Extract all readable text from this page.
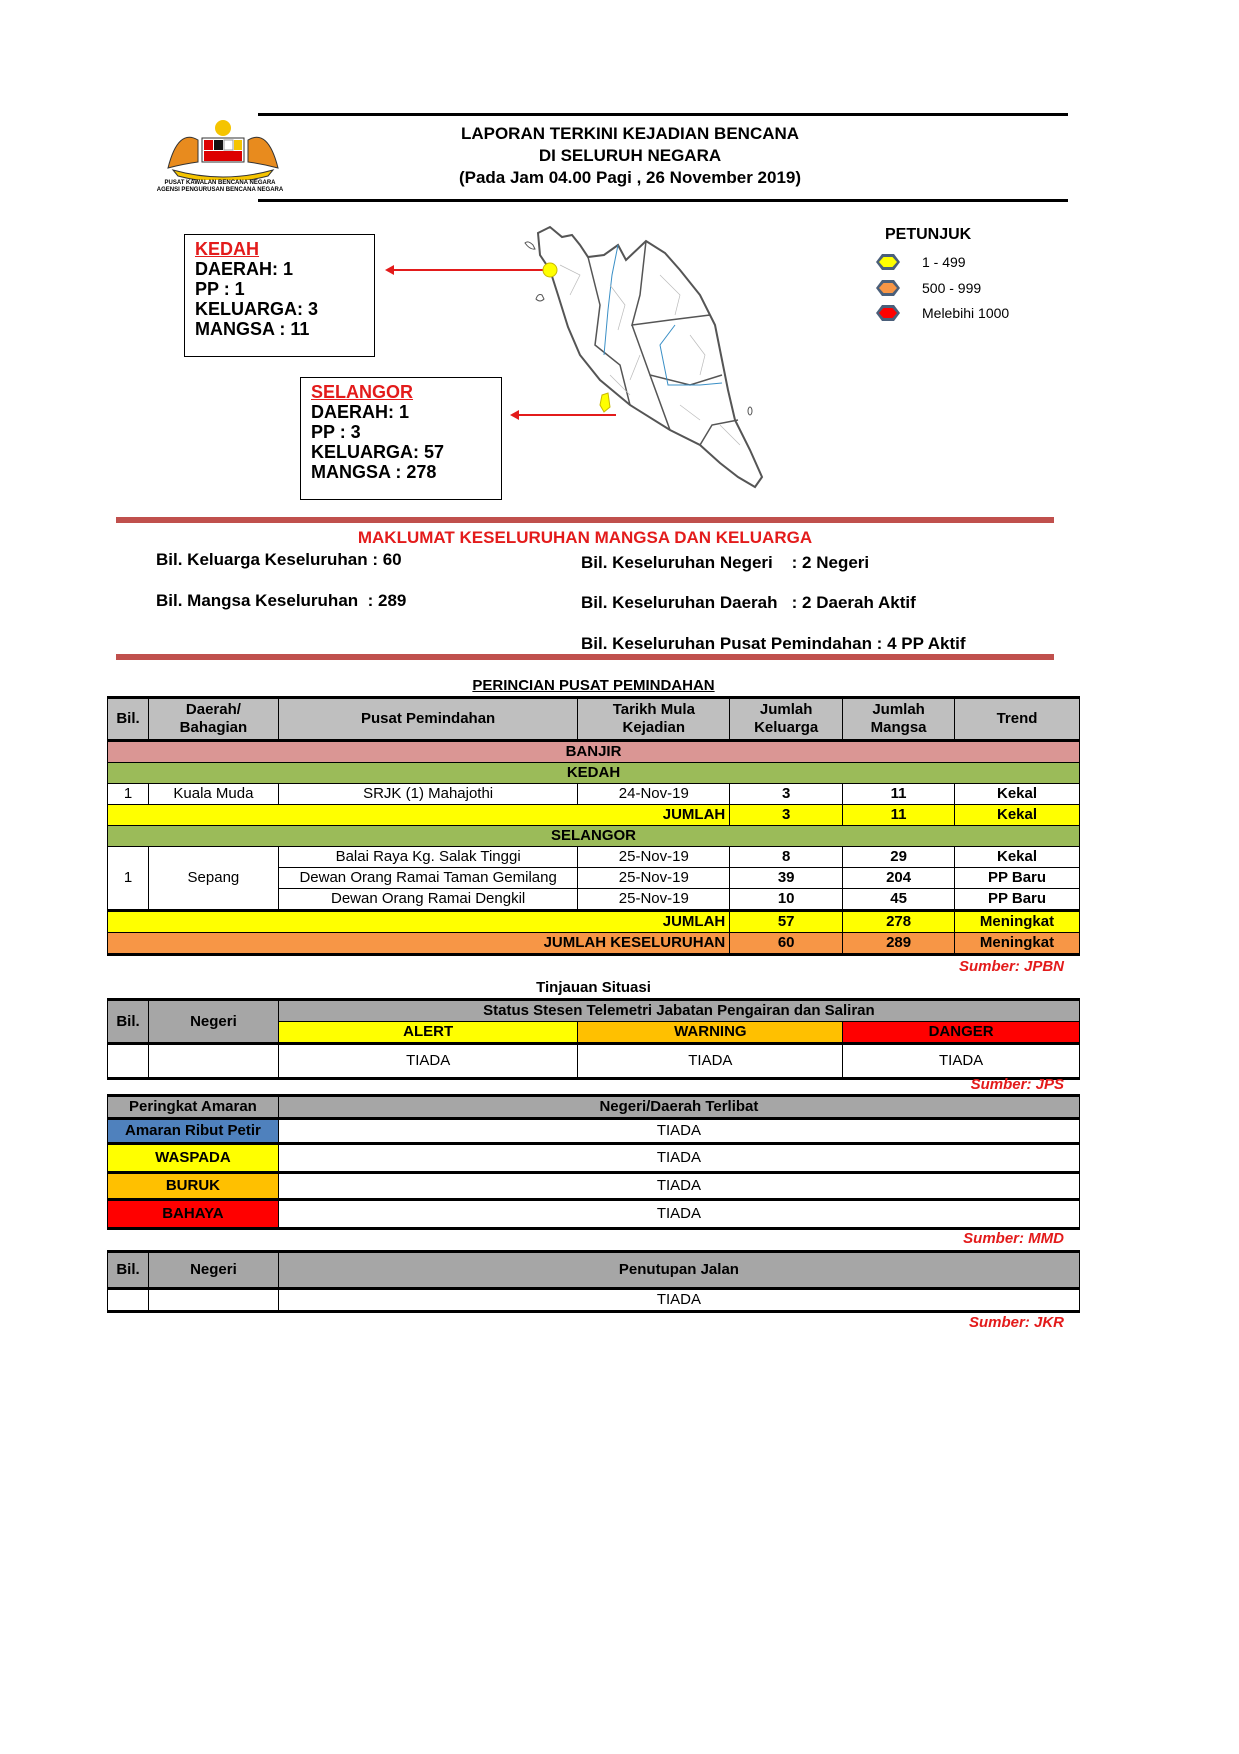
PUSAT KAWALAN BENCANA NEGARA
AGENSI PENGURUSAN BENCANA NEGARA
LAPORAN TERKINI KEJADIAN BENCANA
DI SELURUH NEGARA
(Pada Jam 04.00 Pagi , 26 November 2019)
KEDAH
DAERAH: 1
PP : 1
KELUARGA: 3
MANGSA : 11
SELANGOR
DAERAH: 1
PP : 3
KELUARGA: 57
MANGSA : 278
PETUNJUK
1 - 499
500 - 999
Melebihi 1000
MAKLUMAT KESELURUHAN MANGSA DAN KELUARGA
Bil. Keluarga Keseluruhan : 60
Bil. Mangsa Keseluruhan  : 289
Bil. Keseluruhan Negeri    : 2 Negeri
Bil. Keseluruhan Daerah   : 2 Daerah Aktif
Bil. Keseluruhan Pusat Pemindahan : 4 PP Aktif
PERINCIAN PUSAT PEMINDAHAN
Bil.	Daerah/ Bahagian	Pusat Pemindahan	Tarikh Mula Kejadian	Jumlah Keluarga	Jumlah Mangsa	Trend
BANJIR						
KEDAH						
1	Kuala Muda	SRJK (1) Mahajothi	24-Nov-19	3	11	Kekal
JUMLAH				3	11	Kekal
SELANGOR						
1	Sepang	Balai Raya Kg. Salak Tinggi	25-Nov-19	8	29	Kekal
		Dewan Orang Ramai Taman Gemilang	25-Nov-19	39	204	PP Baru
		Dewan Orang Ramai Dengkil	25-Nov-19	10	45	PP Baru
JUMLAH				57	278	Meningkat
JUMLAH KESELURUHAN				60	289	Meningkat
Sumber: JPBN
Tinjauan Situasi
Bil.	Negeri	Status Stesen Telemetri Jabatan Pengairan dan Saliran		
		ALERT	WARNING	DANGER
		TIADA	TIADA	TIADA
Sumber: JPS
Peringkat Amaran	Negeri/Daerah Terlibat
Amaran Ribut Petir	TIADA
WASPADA	TIADA
BURUK	TIADA
BAHAYA	TIADA
Sumber: MMD
Bil.	Negeri	Penutupan Jalan
		TIADA
Sumber: JKR
